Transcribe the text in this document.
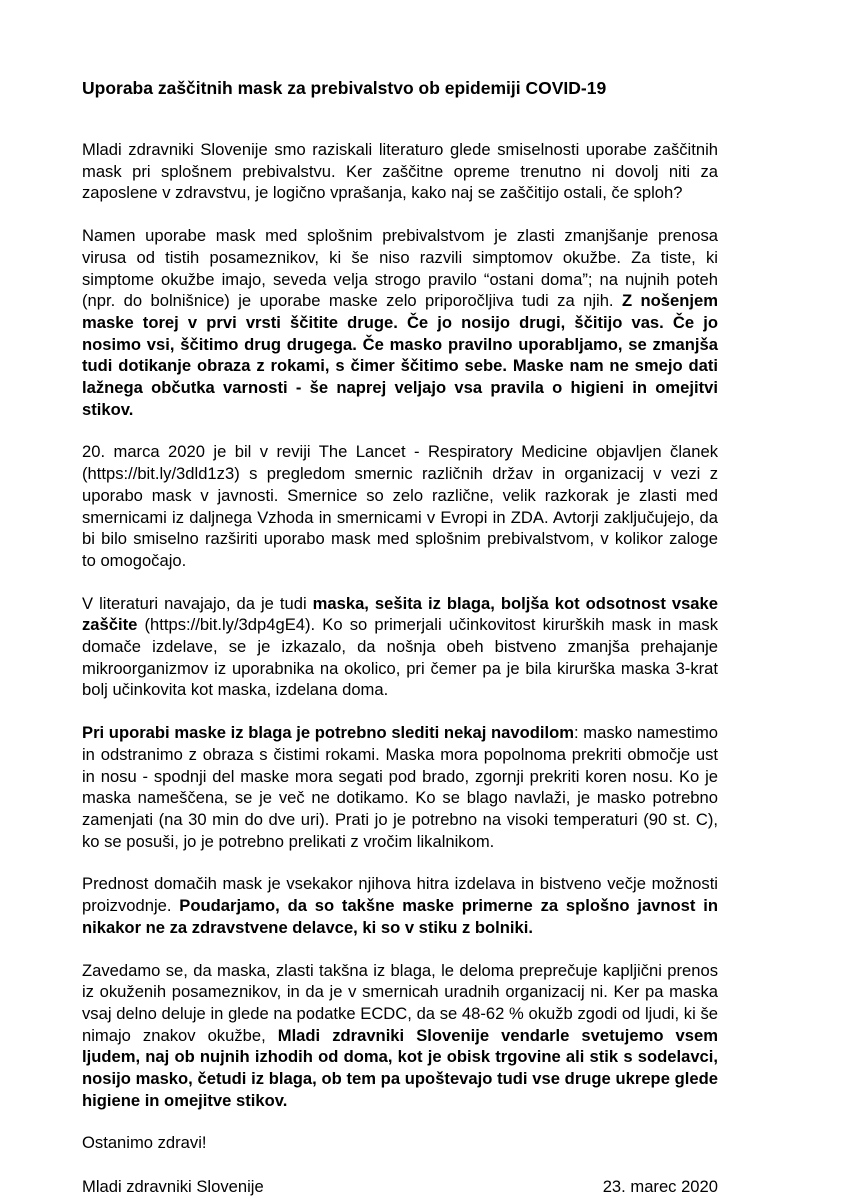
Uporaba zaščitnih mask za prebivalstvo ob epidemiji COVID-19

Mladi zdravniki Slovenije smo raziskali literaturo glede smiselnosti uporabe zaščitnih mask pri splošnem prebivalstvu. Ker zaščitne opreme trenutno ni dovolj niti za zaposlene v zdravstvu, je logično vprašanja, kako naj se zaščitijo ostali, če sploh?

Namen uporabe mask med splošnim prebivalstvom je zlasti zmanjšanje prenosa virusa od tistih posameznikov, ki še niso razvili simptomov okužbe. Za tiste, ki simptome okužbe imajo, seveda velja strogo pravilo “ostani doma”; na nujnih poteh (npr. do bolnišnice) je uporabe maske zelo priporočljiva tudi za njih. Z nošenjem maske torej v prvi vrsti ščitite druge. Če jo nosijo drugi, ščitijo vas. Če jo nosimo vsi, ščitimo drug drugega. Če masko pravilno uporabljamo, se zmanjša tudi dotikanje obraza z rokami, s čimer ščitimo sebe. Maske nam ne smejo dati lažnega občutka varnosti - še naprej veljajo vsa pravila o higieni in omejitvi stikov.

20. marca 2020 je bil v reviji The Lancet - Respiratory Medicine objavljen članek (https://bit.ly/3dld1z3) s pregledom smernic različnih držav in organizacij v vezi z uporabo mask v javnosti. Smernice so zelo različne, velik razkorak je zlasti med smernicami iz daljnega Vzhoda in smernicami v Evropi in ZDA. Avtorji zaključujejo, da bi bilo smiselno razširiti uporabo mask med splošnim prebivalstvom, v kolikor zaloge to omogočajo.

V literaturi navajajo, da je tudi maska, sešita iz blaga, boljša kot odsotnost vsake zaščite (https://bit.ly/3dp4gE4). Ko so primerjali učinkovitost kirurških mask in mask domače izdelave, se je izkazalo, da nošnja obeh bistveno zmanjša prehajanje mikroorganizmov iz uporabnika na okolico, pri čemer pa je bila kirurška maska 3-krat bolj učinkovita kot maska, izdelana doma.

Pri uporabi maske iz blaga je potrebno slediti nekaj navodilom: masko namestimo in odstranimo z obraza s čistimi rokami. Maska mora popolnoma prekriti območje ust in nosu - spodnji del maske mora segati pod brado, zgornji prekriti koren nosu. Ko je maska nameščena, se je več ne dotikamo. Ko se blago navlaži, je masko potrebno zamenjati (na 30 min do dve uri). Prati jo je potrebno na visoki temperaturi (90 st. C), ko se posuši, jo je potrebno prelikati z vročim likalnikom.

Prednost domačih mask je vsekakor njihova hitra izdelava in bistveno večje možnosti proizvodnje. Poudarjamo, da so takšne maske primerne za splošno javnost in nikakor ne za zdravstvene delavce, ki so v stiku z bolniki.

Zavedamo se, da maska, zlasti takšna iz blaga, le deloma preprečuje kapljični prenos iz okuženih posameznikov, in da je v smernicah uradnih organizacij ni. Ker pa maska vsaj delno deluje in glede na podatke ECDC, da se 48-62 % okužb zgodi od ljudi, ki še nimajo znakov okužbe, Mladi zdravniki Slovenije vendarle svetujemo vsem ljudem, naj ob nujnih izhodih od doma, kot je obisk trgovine ali stik s sodelavci, nosijo masko, četudi iz blaga, ob tem pa upoštevajo tudi vse druge ukrepe glede higiene in omejitve stikov.

Ostanimo zdravi!

Mladi zdravniki Slovenije	23. marec 2020
